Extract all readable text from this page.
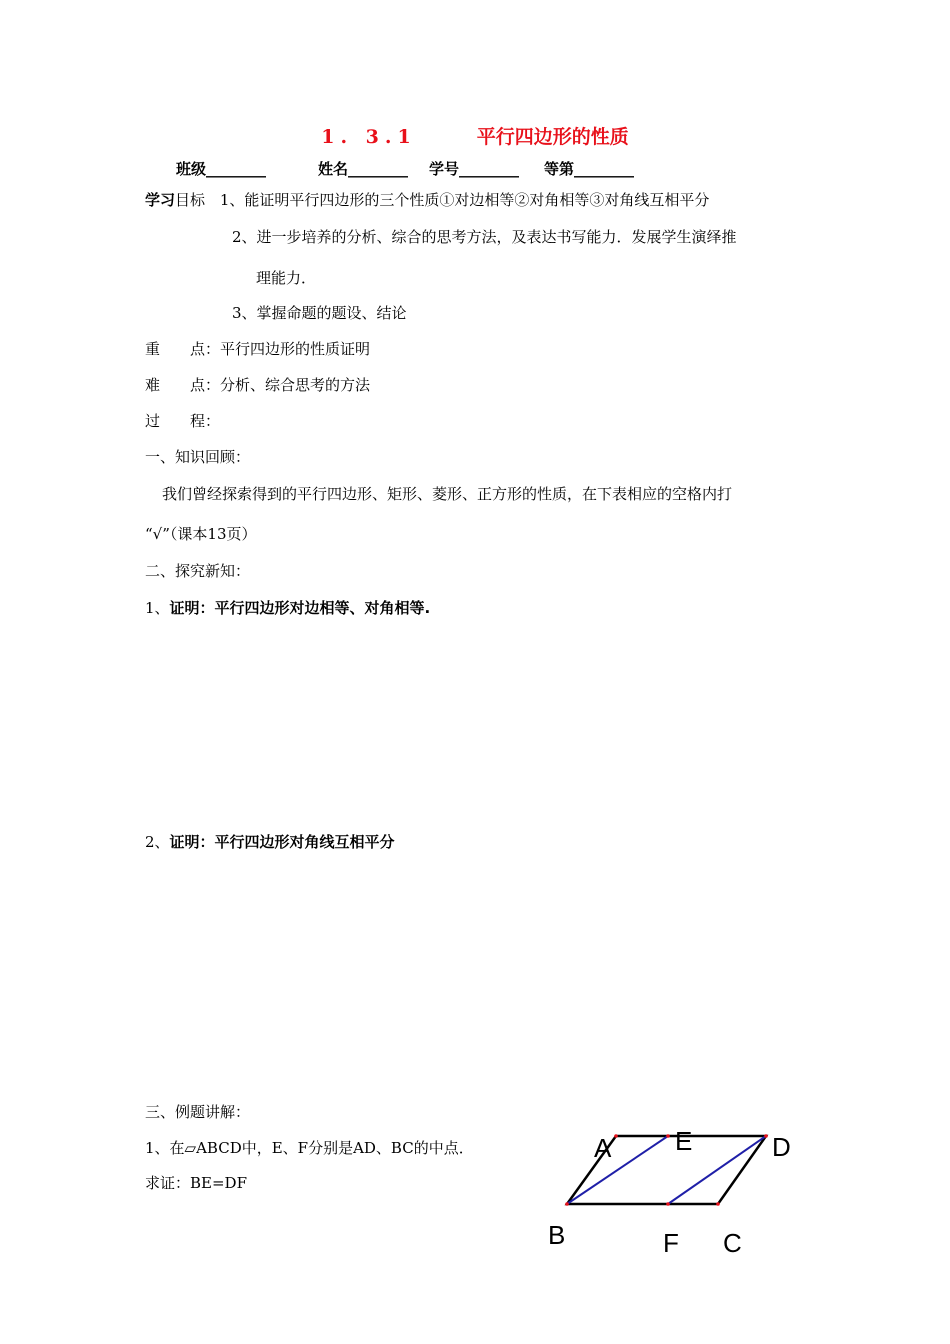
1. 3.1	平行四边形的性质
班级________	姓名________ 学号________ 等第________
学习目标 1、能证明平行四边形的三个性质①对边相等②对角相等③对角线互相平分
2、进一步培养的分析、综合的思考方法，及表达书写能力．发展学生演绎推
理能力．
3、掌握命题的题设、结论
重　　点：平行四边形的性质证明
难　　点：分析、综合思考的方法
过　　程：
一、知识回顾：
我们曾经探索得到的平行四边形、矩形、菱形、正方形的性质，在下表相应的空格内打
“√”（课本13页）
二、探究新知：
1、证明：平行四边形对边相等、对角相等.
2、证明：平行四边形对角线互相平分
三、例题讲解：
1、在▱ABCD中，E、F分别是AD、BC的中点．
求证：BE=DF
A E	D
B	F C
